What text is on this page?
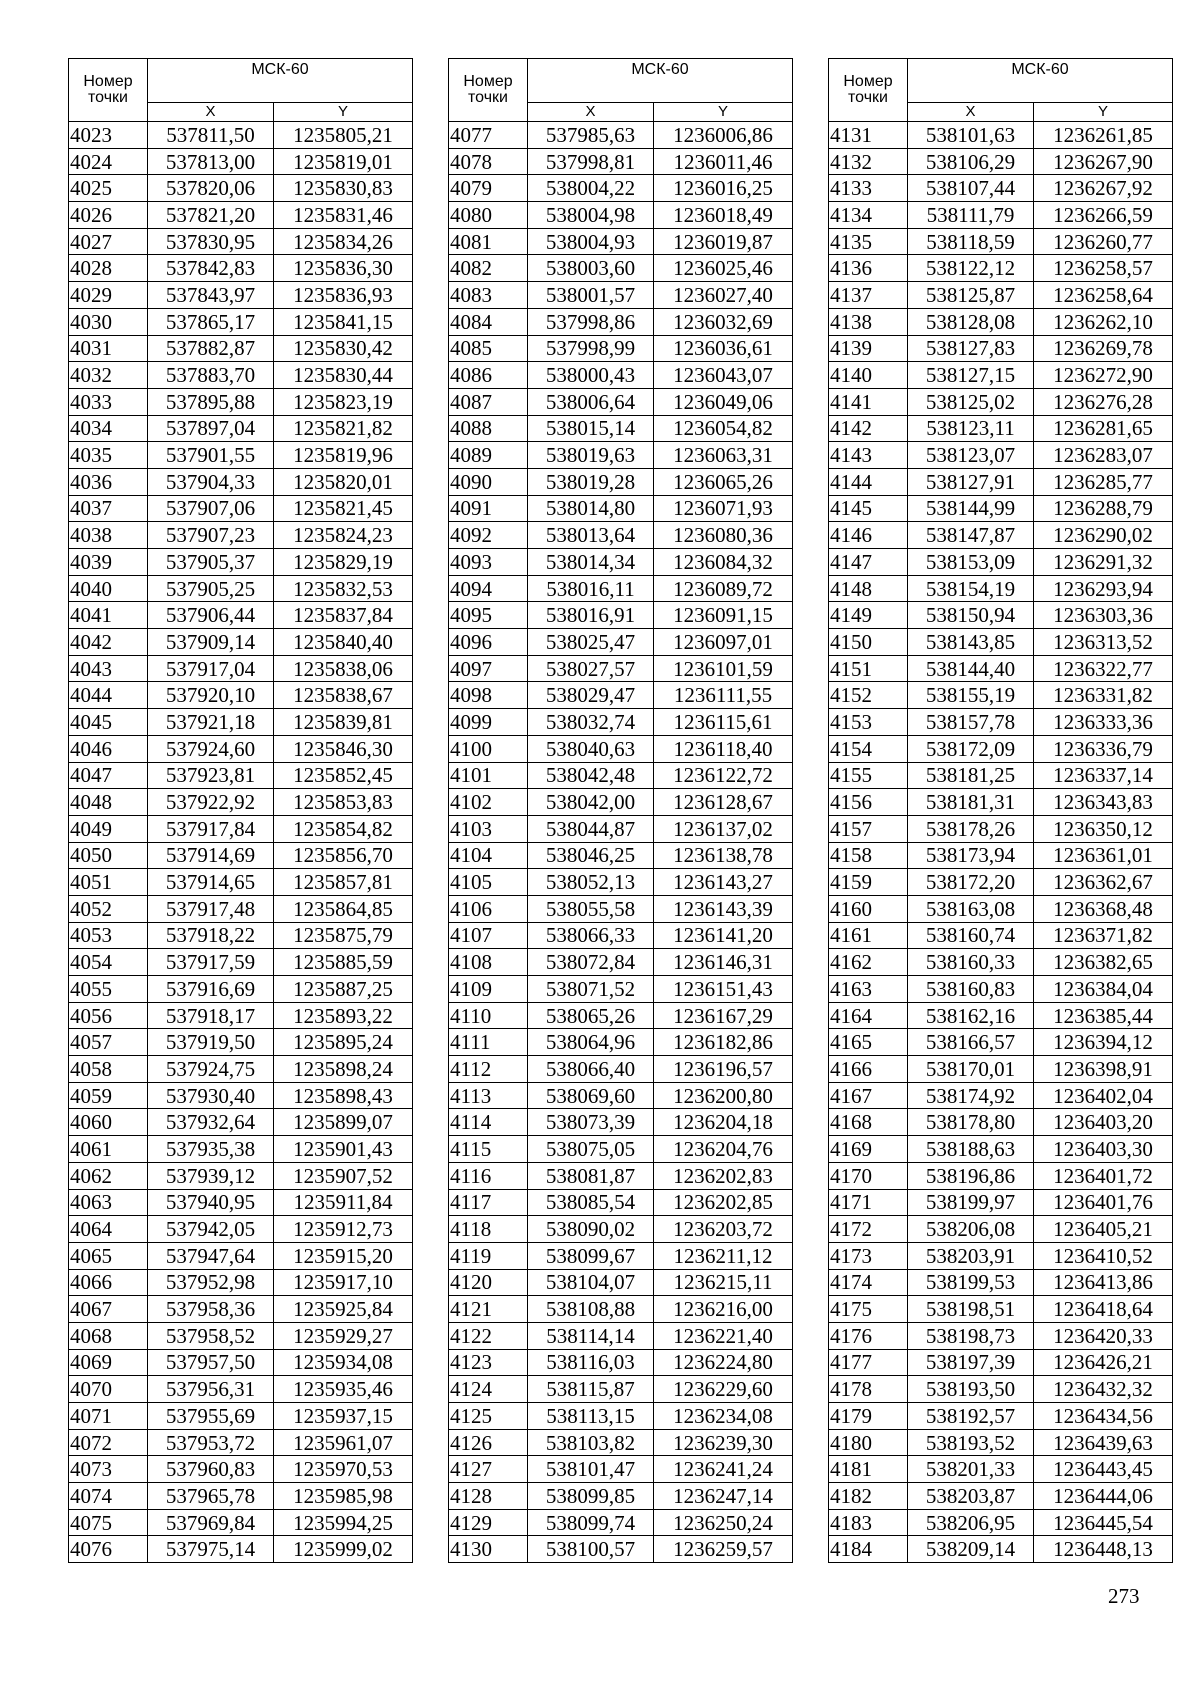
Номер
точки	МСК-60	
	X	Y
4023	537811,50	1235805,21
4024	537813,00	1235819,01
4025	537820,06	1235830,83
4026	537821,20	1235831,46
4027	537830,95	1235834,26
4028	537842,83	1235836,30
4029	537843,97	1235836,93
4030	537865,17	1235841,15
4031	537882,87	1235830,42
4032	537883,70	1235830,44
4033	537895,88	1235823,19
4034	537897,04	1235821,82
4035	537901,55	1235819,96
4036	537904,33	1235820,01
4037	537907,06	1235821,45
4038	537907,23	1235824,23
4039	537905,37	1235829,19
4040	537905,25	1235832,53
4041	537906,44	1235837,84
4042	537909,14	1235840,40
4043	537917,04	1235838,06
4044	537920,10	1235838,67
4045	537921,18	1235839,81
4046	537924,60	1235846,30
4047	537923,81	1235852,45
4048	537922,92	1235853,83
4049	537917,84	1235854,82
4050	537914,69	1235856,70
4051	537914,65	1235857,81
4052	537917,48	1235864,85
4053	537918,22	1235875,79
4054	537917,59	1235885,59
4055	537916,69	1235887,25
4056	537918,17	1235893,22
4057	537919,50	1235895,24
4058	537924,75	1235898,24
4059	537930,40	1235898,43
4060	537932,64	1235899,07
4061	537935,38	1235901,43
4062	537939,12	1235907,52
4063	537940,95	1235911,84
4064	537942,05	1235912,73
4065	537947,64	1235915,20
4066	537952,98	1235917,10
4067	537958,36	1235925,84
4068	537958,52	1235929,27
4069	537957,50	1235934,08
4070	537956,31	1235935,46
4071	537955,69	1235937,15
4072	537953,72	1235961,07
4073	537960,83	1235970,53
4074	537965,78	1235985,98
4075	537969,84	1235994,25
4076	537975,14	1235999,02
Номер
точки	МСК-60	
	X	Y
4077	537985,63	1236006,86
4078	537998,81	1236011,46
4079	538004,22	1236016,25
4080	538004,98	1236018,49
4081	538004,93	1236019,87
4082	538003,60	1236025,46
4083	538001,57	1236027,40
4084	537998,86	1236032,69
4085	537998,99	1236036,61
4086	538000,43	1236043,07
4087	538006,64	1236049,06
4088	538015,14	1236054,82
4089	538019,63	1236063,31
4090	538019,28	1236065,26
4091	538014,80	1236071,93
4092	538013,64	1236080,36
4093	538014,34	1236084,32
4094	538016,11	1236089,72
4095	538016,91	1236091,15
4096	538025,47	1236097,01
4097	538027,57	1236101,59
4098	538029,47	1236111,55
4099	538032,74	1236115,61
4100	538040,63	1236118,40
4101	538042,48	1236122,72
4102	538042,00	1236128,67
4103	538044,87	1236137,02
4104	538046,25	1236138,78
4105	538052,13	1236143,27
4106	538055,58	1236143,39
4107	538066,33	1236141,20
4108	538072,84	1236146,31
4109	538071,52	1236151,43
4110	538065,26	1236167,29
4111	538064,96	1236182,86
4112	538066,40	1236196,57
4113	538069,60	1236200,80
4114	538073,39	1236204,18
4115	538075,05	1236204,76
4116	538081,87	1236202,83
4117	538085,54	1236202,85
4118	538090,02	1236203,72
4119	538099,67	1236211,12
4120	538104,07	1236215,11
4121	538108,88	1236216,00
4122	538114,14	1236221,40
4123	538116,03	1236224,80
4124	538115,87	1236229,60
4125	538113,15	1236234,08
4126	538103,82	1236239,30
4127	538101,47	1236241,24
4128	538099,85	1236247,14
4129	538099,74	1236250,24
4130	538100,57	1236259,57
Номер
точки	МСК-60	
	X	Y
4131	538101,63	1236261,85
4132	538106,29	1236267,90
4133	538107,44	1236267,92
4134	538111,79	1236266,59
4135	538118,59	1236260,77
4136	538122,12	1236258,57
4137	538125,87	1236258,64
4138	538128,08	1236262,10
4139	538127,83	1236269,78
4140	538127,15	1236272,90
4141	538125,02	1236276,28
4142	538123,11	1236281,65
4143	538123,07	1236283,07
4144	538127,91	1236285,77
4145	538144,99	1236288,79
4146	538147,87	1236290,02
4147	538153,09	1236291,32
4148	538154,19	1236293,94
4149	538150,94	1236303,36
4150	538143,85	1236313,52
4151	538144,40	1236322,77
4152	538155,19	1236331,82
4153	538157,78	1236333,36
4154	538172,09	1236336,79
4155	538181,25	1236337,14
4156	538181,31	1236343,83
4157	538178,26	1236350,12
4158	538173,94	1236361,01
4159	538172,20	1236362,67
4160	538163,08	1236368,48
4161	538160,74	1236371,82
4162	538160,33	1236382,65
4163	538160,83	1236384,04
4164	538162,16	1236385,44
4165	538166,57	1236394,12
4166	538170,01	1236398,91
4167	538174,92	1236402,04
4168	538178,80	1236403,20
4169	538188,63	1236403,30
4170	538196,86	1236401,72
4171	538199,97	1236401,76
4172	538206,08	1236405,21
4173	538203,91	1236410,52
4174	538199,53	1236413,86
4175	538198,51	1236418,64
4176	538198,73	1236420,33
4177	538197,39	1236426,21
4178	538193,50	1236432,32
4179	538192,57	1236434,56
4180	538193,52	1236439,63
4181	538201,33	1236443,45
4182	538203,87	1236444,06
4183	538206,95	1236445,54
4184	538209,14	1236448,13
273
